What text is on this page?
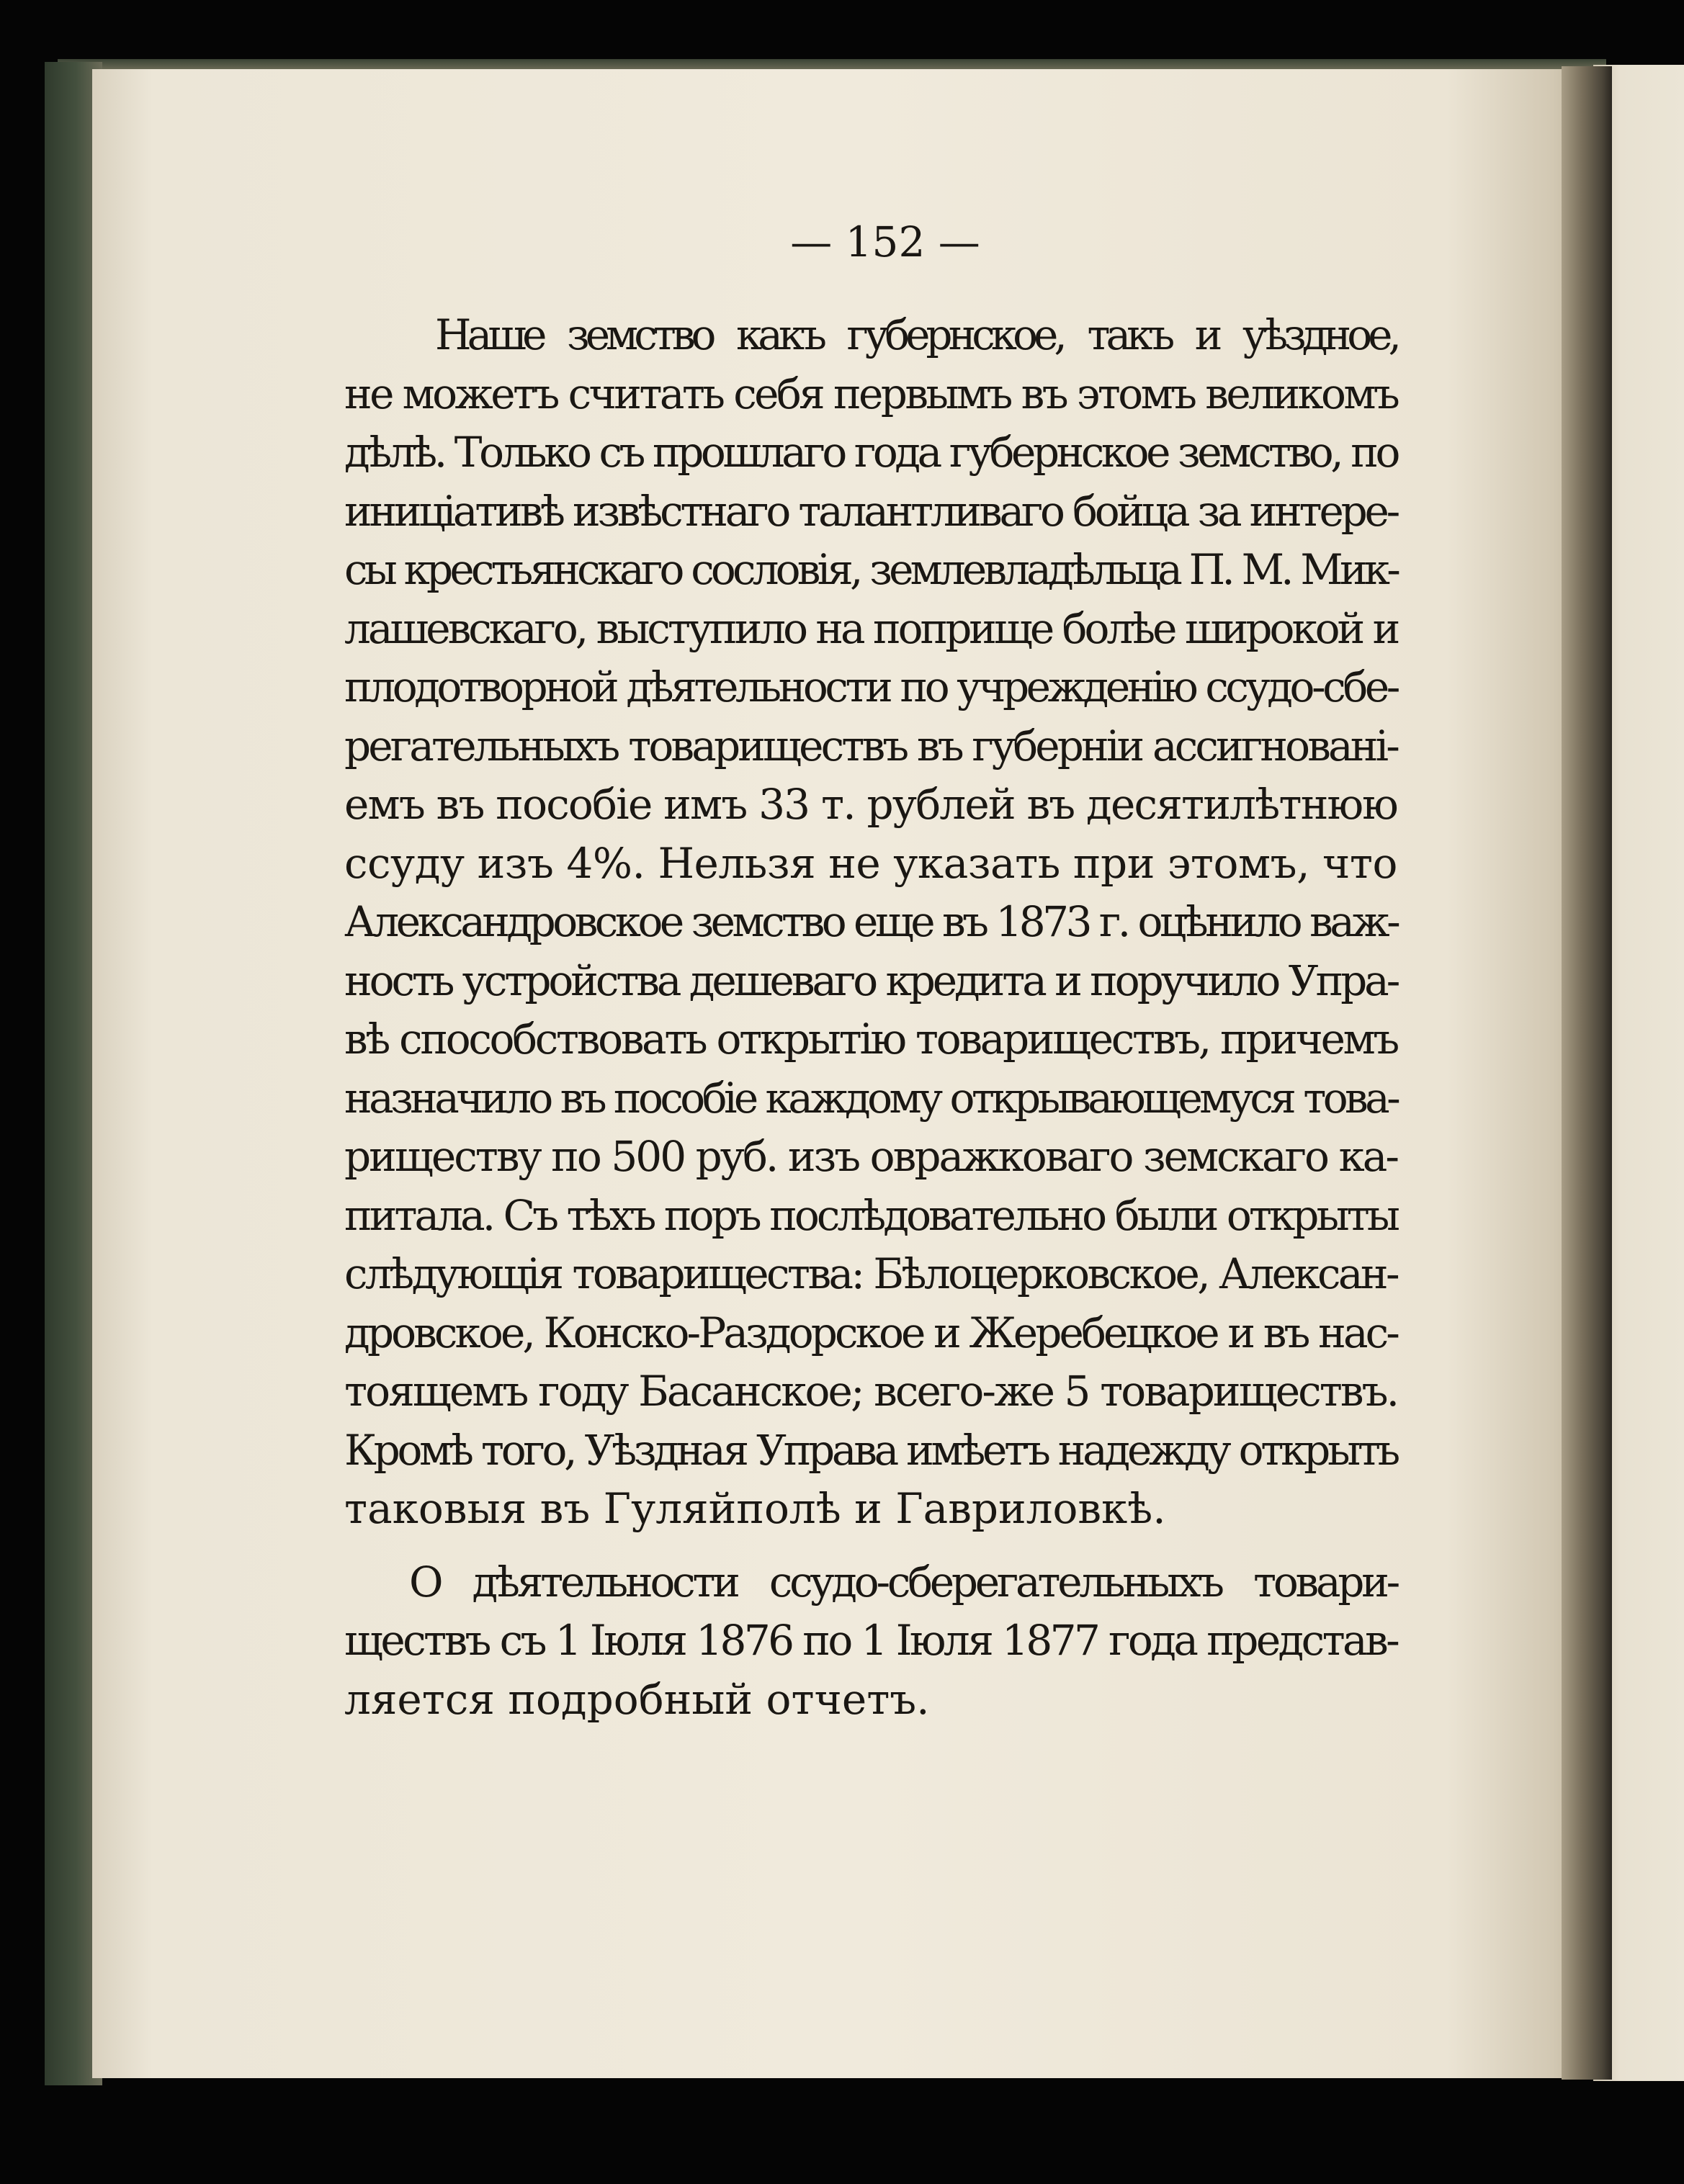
— 152 —
Наше земство какъ губернское, такъ и уѣздное,
не можетъ считать себя первымъ въ этомъ великомъ
дѣлѣ. Только съ прошлаго года губернское земство, по
иниціативѣ извѣстнаго талантливаго бойца за интере-
сы крестьянскаго сословія, землевладѣльца П. М. Мик-
лашевскаго, выступило на поприще болѣе широкой и
плодотворной дѣятельности по учрежденію ссудо-сбе-
регательныхъ товариществъ въ губерніи ассигнованi-
емъ въ пособіе имъ 33 т. рублей въ десятилѣтнюю
ссуду изъ 4%. Нельзя не указать при этомъ, что
Александровское земство еще въ 1873 г. оцѣнило важ-
ность устройства дешеваго кредита и поручило Упра-
вѣ способствовать открытію товариществъ, причемъ
назначило въ пособіе каждому открывающемуся това-
риществу по 500 руб. изъ овражковаго земскаго ка-
питала. Съ тѣхъ поръ послѣдовательно были открыты
слѣдующія товарищества: Бѣлоцерковское, Алексан-
дровское, Конско-Раздорское и Жеребецкое и въ нас-
тоящемъ году Басанское; всего-же 5 товариществъ.
Кромѣ того, Уѣздная Управа имѣетъ надежду открыть
таковыя въ Гуляйполѣ и Гавриловкѣ.
О дѣятельности ссудо-сберегательныхъ товари-
ществъ съ 1 Іюля 1876 по 1 Іюля 1877 года представ-
ляется подробный отчетъ.
